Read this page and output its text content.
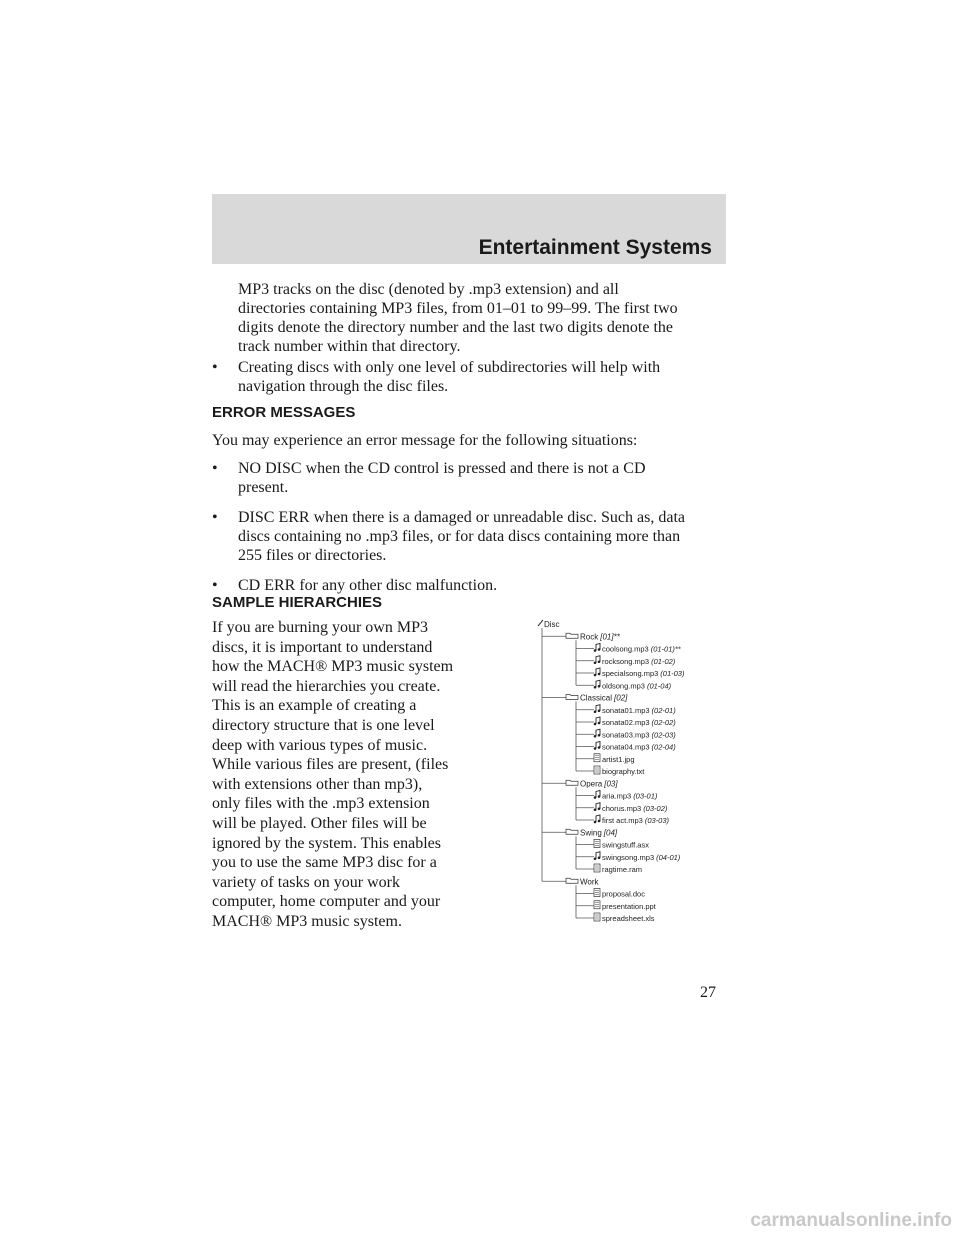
Entertainment Systems
MP3 tracks on the disc (denoted by .mp3 extension) and all
directories containing MP3 files, from 01–01 to 99–99. The first two
digits denote the directory number and the last two digits denote the
track number within that directory.
• Creating discs with only one level of subdirectories will help with
navigation through the disc files.
ERROR MESSAGES
You may experience an error message for the following situations:
• NO DISC when the CD control is pressed and there is not a CD
present.
• DISC ERR when there is a damaged or unreadable disc. Such as, data
discs containing no .mp3 files, or for data discs containing more than
255 files or directories.
• CD ERR for any other disc malfunction.
SAMPLE HIERARCHIES
If you are burning your own MP3
discs, it is important to understand
how the MACH® MP3 music system
will read the hierarchies you create.
This is an example of creating a
directory structure that is one level
deep with various types of music.
While various files are present, (files
with extensions other than mp3),
only files with the .mp3 extension
will be played. Other files will be
ignored by the system. This enables
you to use the same MP3 disc for a
variety of tasks on your work
computer, home computer and your
MACH® MP3 music system.
Disc
Rock [01]**
coolsong.mp3 (01-01)**
rocksong.mp3 (01-02)
specialsong.mp3 (01-03)
oldsong.mp3 (01-04)
Classical [02]
sonata01.mp3 (02-01)
sonata02.mp3 (02-02)
sonata03.mp3 (02-03)
sonata04.mp3 (02-04)
artist1.jpg
biography.txt
Opera [03]
aria.mp3 (03-01)
chorus.mp3 (03-02)
first act.mp3 (03-03)
Swing [04]
swingstuff.asx
swingsong.mp3 (04-01)
ragtime.ram
Work
proposal.doc
presentation.ppt
spreadsheet.xls
27
carmanualsonline.info
